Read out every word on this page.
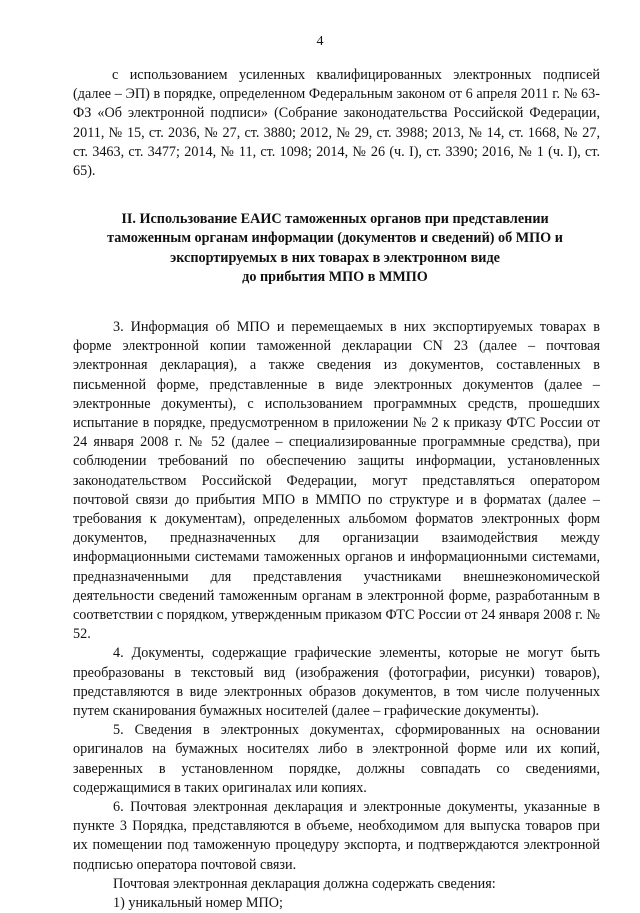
4

с использованием усиленных квалифицированных электронных подписей (далее – ЭП) в порядке, определенном Федеральным законом от 6 апреля 2011 г. № 63-ФЗ «Об электронной подписи» (Собрание законодательства Российской Федерации, 2011, № 15, ст. 2036, № 27, ст. 3880; 2012, № 29, ст. 3988; 2013, № 14, ст. 1668, № 27, ст. 3463, ст. 3477; 2014, № 11, ст. 1098; 2014, № 26 (ч. I), ст. 3390; 2016, № 1 (ч. I), ст. 65).

II. Использование ЕАИС таможенных органов при представлении
таможенным органам информации (документов и сведений) об МПО и
экспортируемых в них товарах в электронном виде
до прибытия МПО в ММПО

3. Информация об МПО и перемещаемых в них экспортируемых товарах в форме электронной копии таможенной декларации CN 23 (далее – почтовая электронная декларация), а также сведения из документов, составленных в письменной форме, представленные в виде электронных документов (далее – электронные документы), с использованием программных средств, прошедших испытание в порядке, предусмотренном в приложении № 2 к приказу ФТС России от 24 января 2008 г. № 52 (далее – специализированные программные средства), при соблюдении требований по обеспечению защиты информации, установленных законодательством Российской Федерации, могут представляться оператором почтовой связи до прибытия МПО в ММПО по структуре и в форматах (далее – требования к документам), определенных альбомом форматов электронных форм документов, предназначенных для организации взаимодействия между информационными системами таможенных органов и информационными системами, предназначенными для представления участниками внешнеэкономической деятельности сведений таможенным органам в электронной форме, разработанным в соответствии с порядком, утвержденным приказом ФТС России от 24 января 2008 г. № 52.

4. Документы, содержащие графические элементы, которые не могут быть преобразованы в текстовый вид (изображения (фотографии, рисунки) товаров), представляются в виде электронных образов документов, в том числе полученных путем сканирования бумажных носителей (далее – графические документы).

5. Сведения в электронных документах, сформированных на основании оригиналов на бумажных носителях либо в электронной форме или их копий, заверенных в установленном порядке, должны совпадать со сведениями, содержащимися в таких оригиналах или копиях.

6. Почтовая электронная декларация и электронные документы, указанные в пункте 3 Порядка, представляются в объеме, необходимом для выпуска товаров при их помещении под таможенную процедуру экспорта, и подтверждаются электронной подписью оператора почтовой связи.

Почтовая электронная декларация должна содержать сведения:

1) уникальный номер МПО;
